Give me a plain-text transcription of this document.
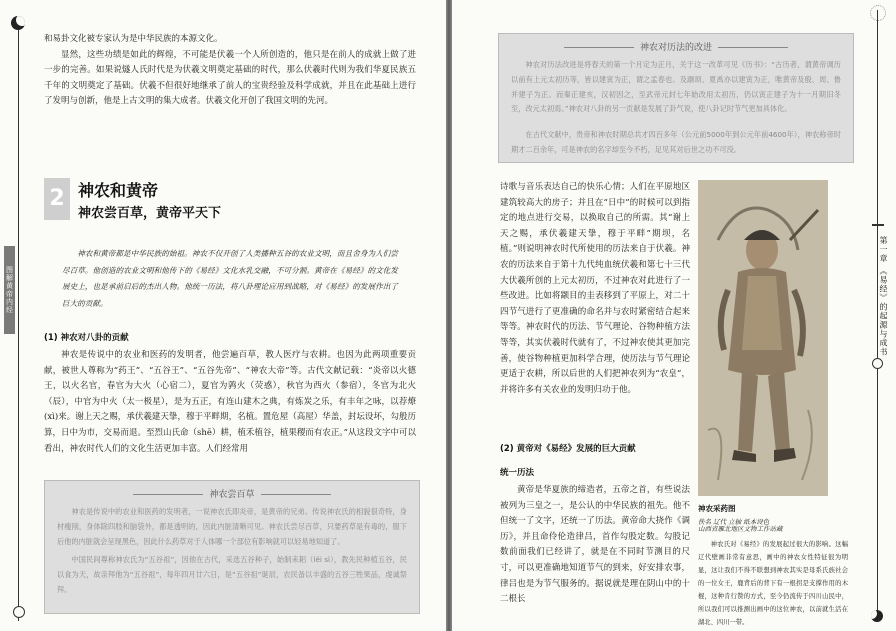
图解黄帝内经

和易卦文化被专家认为是中华民族的本源文化。

显然，这些功绩是如此的辉煌，不可能是伏羲一个人所创造的，他只是在前人的成就上做了进一步的完善。如果说燧人氏时代是为伏羲文明奠定基础的时代，那么伏羲时代则为我们华夏民族五千年的文明奠定了基础。伏羲不但很好地继承了前人的宝贵经验及科学成就，并且在此基础上进行了发明与创新，他是上古文明的集大成者。伏羲文化开创了我国文明的先河。

2 神农和黄帝
神农尝百草，黄帝平天下

神农和黄帝都是中华民族的始祖。神农不仅开创了人类播种五谷的农业文明，而且舍身为人们尝尽百草。他创造的农业文明和他传下的《易经》文化水乳交融，不可分割。黄帝在《易经》的文化发展史上，也是承前启后的杰出人物。他统一历法，将八卦理论应用到战略，对《易经》的发展作出了巨大的贡献。

(1) 神农对八卦的贡献

神农是传说中的农业和医药的发明者，他尝遍百草，教人医疗与农耕。也因为此两项重要贡献，被世人尊称为“药王”、“五谷王”、“五谷先帝”、“神农大帝”等。古代文献记载：“炎帝以火德王，以火名官，春官为大火（心宿二），夏官为鹑火（荧惑），秋官为西火（参宿），冬官为北火（辰），中官为中火（太一极星），是为五正，有连山建木之典，有炼炭之乐，有丰年之咏，以荐燎(xì)来。谢上天之赐，承伏羲建天挚，穆于平畔期，名植。置危屋（高屋）华盖，封坛设坏，勾般历算，日中为市，交易而退。至烈山氏命（shē）耕，植禾植谷，植果稷而有农正。”从这段文字中可以看出，神农时代人们的文化生活更加丰富。人们经常用

神农尝百草

神农是传说中的农业和医药的发明者，一说神农氏即炎帝，是黄帝的兄弟。传说神农氏的相貌很奇特，身材瘦削，身体除四肢和脑袋外，都是透明的，因此内脏清晰可见。神农氏尝尽百草，只要药草是有毒的，服下后他的内脏就会呈现黑色，因此什么药草对于人体哪一个部位有影响就可以轻易地知道了。

中国民间尊称神农氏为“五谷祖”，因他在古代，采选五谷种子，始制耒耜（lěi sì），教先民种植五谷，民以食为天，故亲拜他为“五谷祖”，每年四月廿六日，是“五谷祖”诞辰，农民备以丰盛的五谷三牲果品，虔诚祭拜。

神农对历法的改进

神农对历法改进是将春天的第一个月定为正月，关于这一改革可见《历书》：“古历者，谓黄帝调历以前有上元太初历等，皆以建寅为正，谓之孟春也。及颛顼、夏禹亦以建寅为正，唯黄帝及殷、周、鲁并建子为正。而秦正建亥，汉初因之，至武帝元封七年始改用太初历，仍以寅正建子为十一月期旧冬至，改元太初焉。”神农对八卦的另一贡献是发展了卦气说，使八卦记时节气更加具体化。

在古代文献中，贵帝和神农时期总共才四百多年（公元前5000年到公元年前4600年），神农称帝时期才二百余年，可是神农的名字却至今不朽，足见其对后世之功不可没。

诗歌与音乐表达自己的快乐心情；人们在平原地区建筑较高大的房子；并且在“日中”的时候可以到指定的地点进行交易，以换取自己的所需。其“谢上天之赐，承伏羲建天挚，穆于平畔”期坝，名植。”则说明神农时代所使用的历法来自于伏羲。神农的历法来自于第十九代纯血统伏羲和第七十三代大伏羲所创的上元太初历，不过神农对此进行了一些改进。比如将颛目的圭表移到了平原上，对二十四节气进行了更准确的命名并与农时紧密结合起来等等。神农时代的历法、节气理论、谷物种植方法等等，其实伏羲时代就有了，不过神农使其更加完善，使谷物种植更加科学合理，使历法与节气理论更适于农耕，所以后世的人们把神农列为“农皇”，并将许多有关农业的发明归功于他。

(2) 黄帝对《易经》发展的巨大贡献
统一历法

黄帝是华夏族的缔造者，五帝之首，有些说法被列为三皇之一，是公认的中华民族的祖先。他不但统一了文字，还统一了历法。黄帝命大挠作《调历》，并且命伶伦造律吕，首作勾股定数。勾股记数前面我们已经讲了，就是在不同时节测目的尺寸，可以更准确地知道节气的到来，好安排农事，律吕也是为节气服务的。据说就是理在阴山中的十二根长

神农采药图
佚名 辽代 立轴 纸本设色
山西省雁北地区文物工作站藏

神农氏对《易经》的发展起过很大的影响。这幅辽代壁画非常有意思，画中的神农女性特征很为明显，这让我们不得不联想到神农其实是母系氏族社会的一位女王，鹿背后的背下有一根拐是支撑作用的木棍，这种肯行赞的方式，至今仍流传于四川山民中，所以我们可以推测出画中的这位神农，以前就生活在湖北、四川一带。

第一章 《易经》的起源与成书
